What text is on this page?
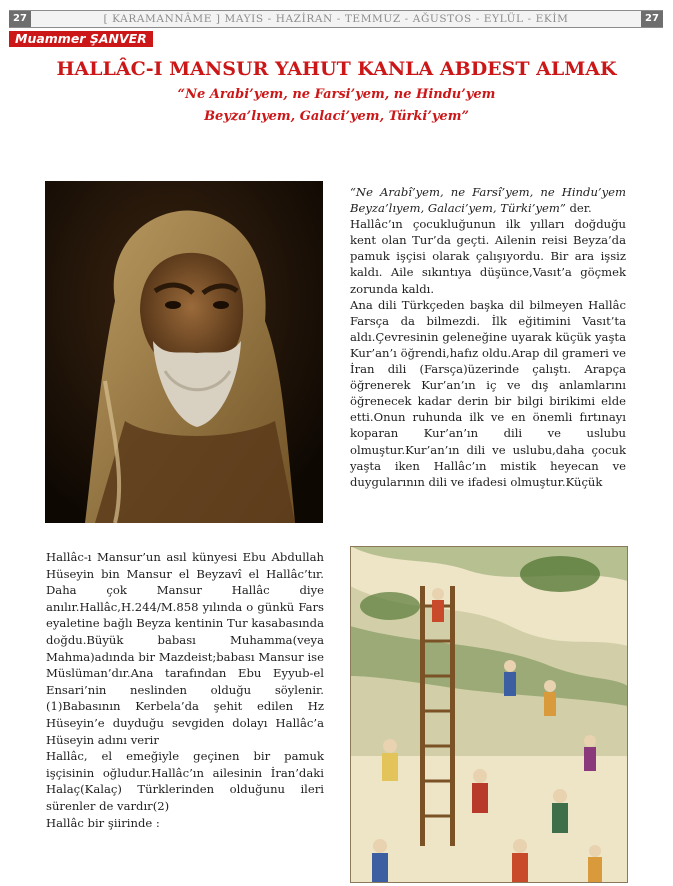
27	[ KARAMANNÂME ] MAYIS - HAZİRAN - TEMMUZ - AĞUSTOS - EYLÜL - EKİM	27
Muammer ŞANVER
HALLÂC-I MANSUR YAHUT KANLA ABDEST ALMAK
“Ne Arabi’yem, ne Farsi’yem, ne Hindu’yem
Beyza’lıyem, Galaci’yem, Türki’yem”

“Ne Arabî’yem, ne Farsî’yem, ne Hindu’yem Beyza’lıyem, Galaci’yem, Türki’yem” der.

Hallâc’ın çocukluğunun ilk yılları doğduğu kent olan Tur’da geçti. Ailenin reisi Beyza’da pamuk işçisi olarak çalışıyordu. Bir ara işsiz kaldı. Aile sıkıntıya düşünce,Vasıt’a göçmek zorunda kaldı.

Ana dili Türkçeden başka dil bilmeyen Hallâc Farsça da bilmezdi. İlk eğitimini Vasıt’ta aldı.Çevresinin geleneğine uyarak küçük yaşta Kur’an’ı öğrendi,hafız oldu.Arap dil grameri ve İran dili (Farsça)üzerinde çalıştı. Arapça öğrenerek Kur’an’ın iç ve dış anlamlarını öğrenecek kadar derin bir bilgi birikimi elde etti.Onun ruhunda ilk ve en önemli fırtınayı koparan Kur’an’ın dili ve uslubu olmuştur.Kur’an’ın dili ve uslubu,daha çocuk yaşta iken Hallâc’ın mistik heyecan ve duygularının dili ve ifadesi olmuştur.Küçük

Hallâc-ı Mansur’un asıl künyesi Ebu Abdullah Hüseyin bin Mansur el Beyzavî el Hallâc’tır. Daha çok Mansur Hallâc diye anılır.Hallâc,H.244/M.858 yılında o günkü Fars eyaletine bağlı Beyza kentinin Tur kasabasında doğdu.Büyük babası Muhamma(veya Mahma)adında bir Mazdeist;babası Mansur ise Müslüman’dır.Ana tarafından Ebu Eyyub-el Ensari’nin neslinden olduğu söylenir.(1)Babasının Kerbela’da şehit edilen Hz Hüseyin’e duyduğu sevgiden dolayı Hallâc’a Hüseyin adını verir

Hallâc, el emeğiyle geçinen bir pamuk işçisinin oğludur.Hallâc’ın ailesinin İran’daki Halaç(Kalaç) Türklerinden olduğunu ileri sürenler de vardır(2)

Hallâc bir şiirinde :
